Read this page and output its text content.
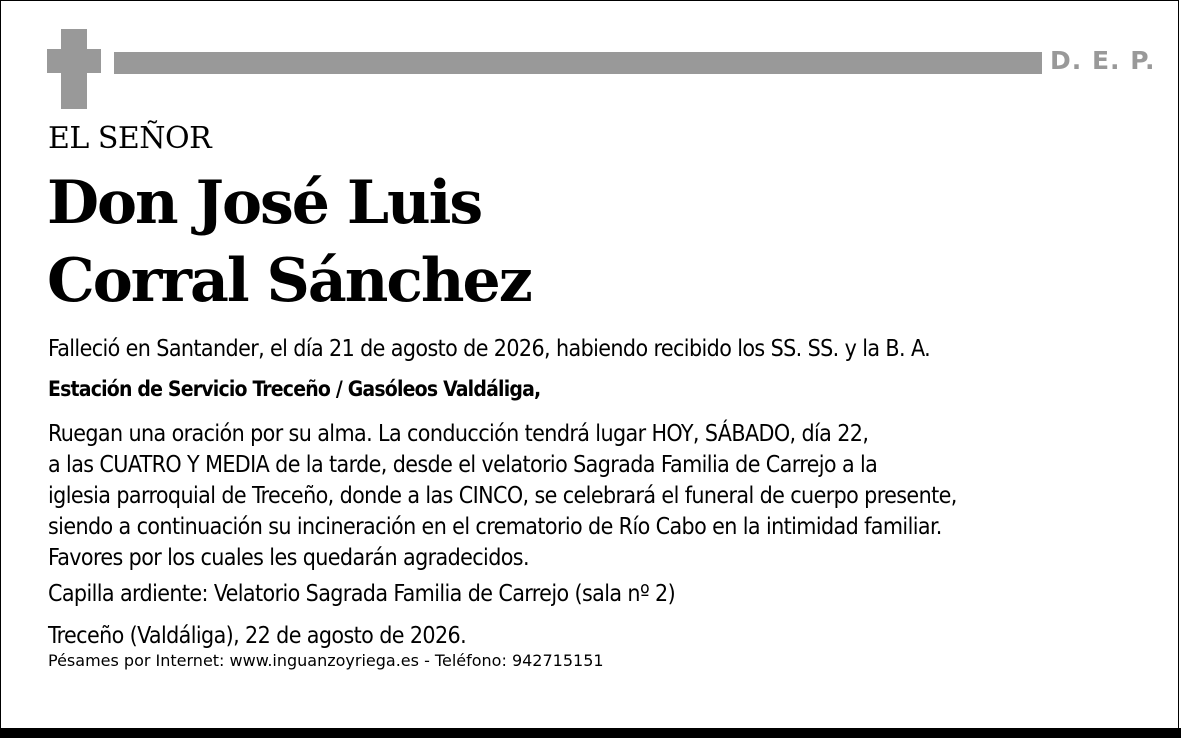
D. E. P.
EL SEÑOR
Don José Luis
Corral Sánchez
Falleció en Santander, el día 21 de agosto de 2026, habiendo recibido los SS. SS. y la B. A.
Estación de Servicio Treceño / Gasóleos Valdáliga,
Ruegan una oración por su alma. La conducción tendrá lugar HOY, SÁBADO, día 22,
a las CUATRO Y MEDIA de la tarde, desde el velatorio Sagrada Familia de Carrejo a la
iglesia parroquial de Treceño, donde a las CINCO, se celebrará el funeral de cuerpo presente,
siendo a continuación su incineración en el crematorio de Río Cabo en la intimidad familiar.
Favores por los cuales les quedarán agradecidos.
Capilla ardiente: Velatorio Sagrada Familia de Carrejo (sala nº 2)
Treceño (Valdáliga), 22 de agosto de 2026.
Pésames por Internet: www.inguanzoyriega.es - Teléfono: 942715151
